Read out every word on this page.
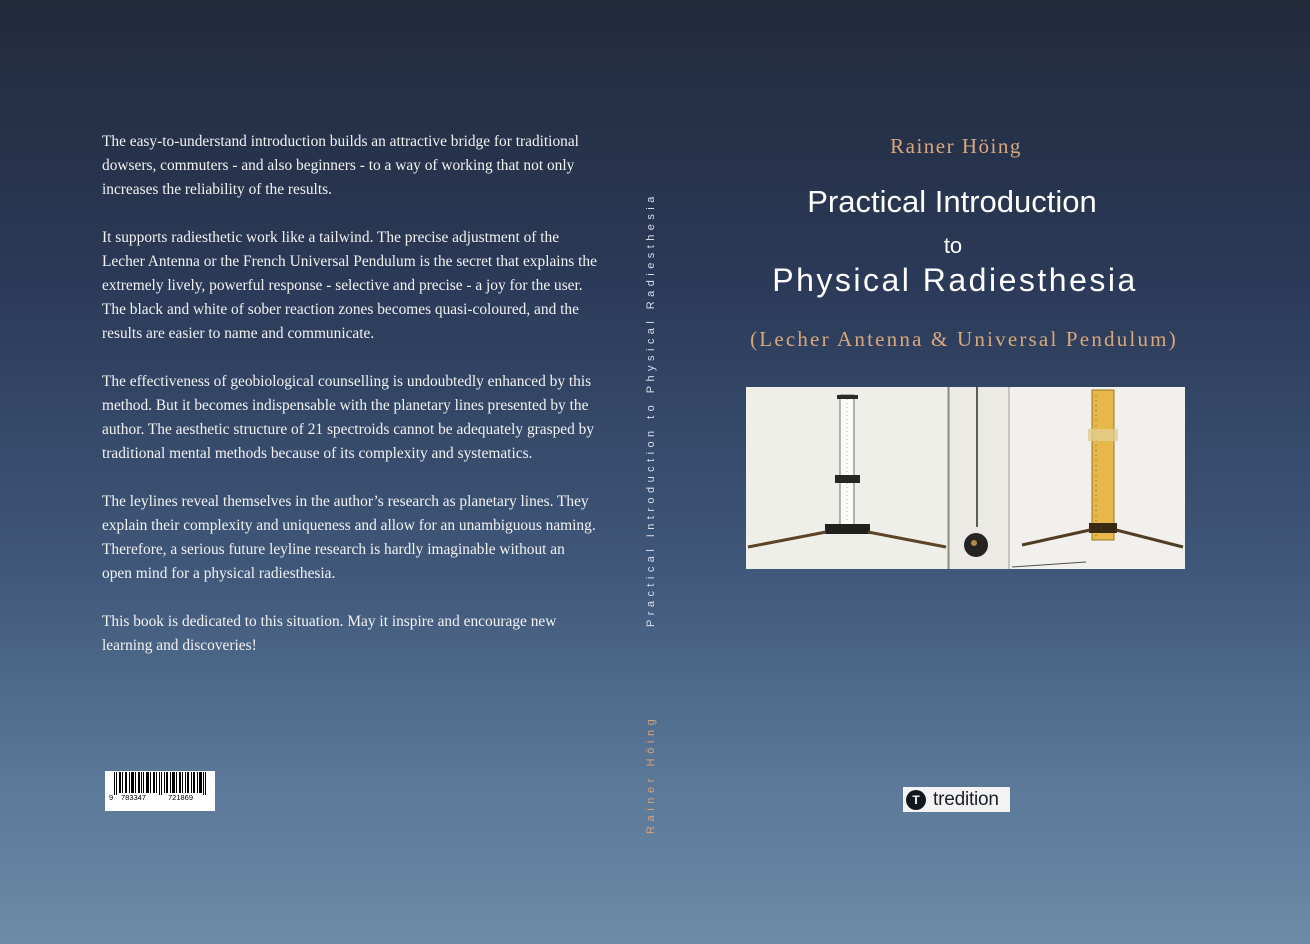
The easy-to-understand introduction builds an attractive bridge for traditional dowsers, commuters - and also beginners - to a way of working that not only increases the reliability of the results.

It supports radiesthetic work like a tailwind. The precise adjustment of the Lecher Antenna or the French Universal Pendulum is the secret that explains the extremely lively, powerful response - selective and precise - a joy for the user. The black and white of sober reaction zones becomes quasi-coloured, and the results are easier to name and communicate.

The effectiveness of geobiological counselling is undoubtedly enhanced by this method. But it becomes indispensable with the planetary lines presented by the author. The aesthetic structure of 21 spectroids cannot be adequately grasped by traditional mental methods because of its complexity and systematics.

The leylines reveal themselves in the author’s research as planetary lines. They explain their complexity and uniqueness and allow for an unambiguous naming. Therefore, a serious future leyline research is hardly imaginable without an open mind for a physical radiesthesia.

This book is dedicated to this situation. May it inspire and encourage new learning and discoveries!

9 783347	721869
Practical Introduction to Physical Radiesthesia
Rainer Höing
Rainer Höing
Practical Introduction
to
Physical Radiesthesia
(Lecher Antenna & Universal Pendulum)
T tredition
